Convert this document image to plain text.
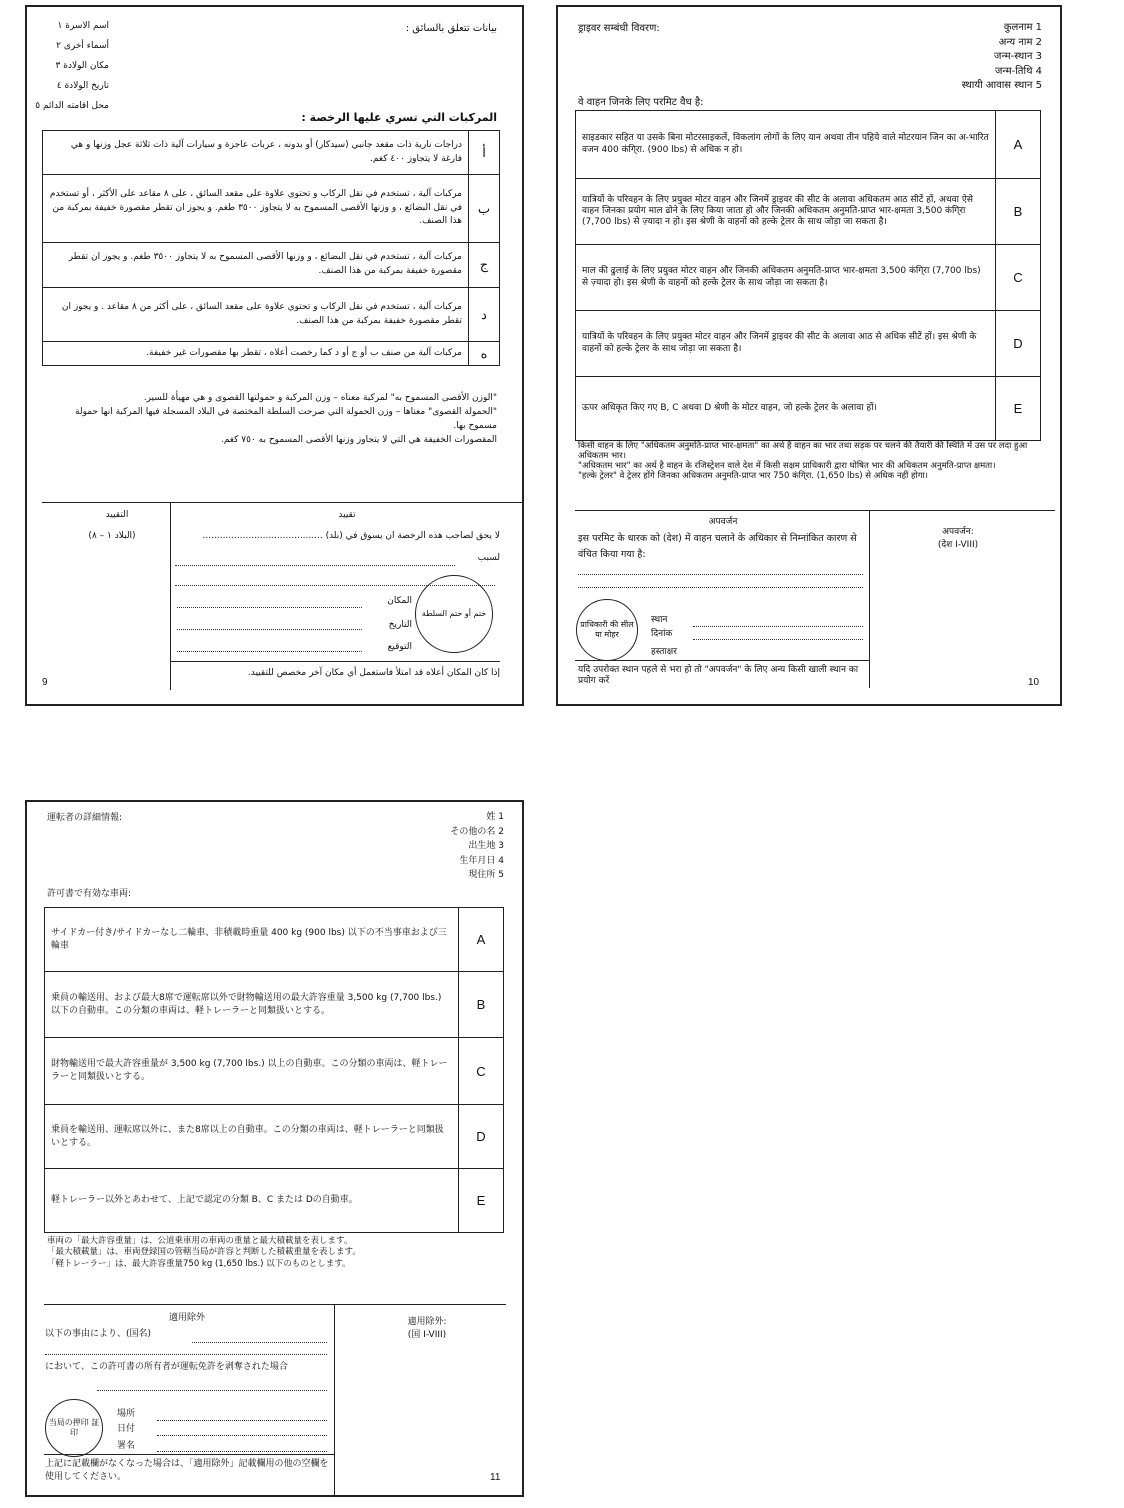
بيانات تتعلق بالسائق :
اسم الاسرة ١
أسماء أخرى ٢
مكان الولادة ٣
تاريخ الولادة ٤
محل اقامته الدائم ٥
المركبات التي تسري عليها الرخصة :
دراجات نارية ذات مقعد جانبي (سيدكار) أو بدونه ، عربات عاجزة و سيارات آلية ذات ثلاثة عجل وزنها و هي فارغة لا يتجاوز ٤٠٠ كغم.	أ
مركبات آلية ، تستخدم في نقل الركاب و تحتوي علاوة على مقعد السائق ، على ٨ مقاعد على الأكثر ، أو تستخدم في نقل البضائع ، و وزنها الأقصى المسموح به لا يتجاوز ٣٥٠٠ طغم. و يجوز ان تقطر مقصورة خفيفة بمركبة من هذا الصنف.	ب
مركبات آلية ، تستخدم في نقل البضائع ، و وزنها الأقصى المسموح به لا يتجاوز ٣٥٠٠ طغم. و يجوز ان تقطر مقصورة خفيفة بمركبة من هذا الصنف.	ج
مركبات آلية ، تستخدم في نقل الركاب و تحتوي علاوة على مقعد السائق ، على أكثر من ٨ مقاعد . و يجوز ان تقطر مقصورة خفيفة بمركبة من هذا الصنف.	د
مركبات آلية من صنف ب أو ج أو د كما رخصت أعلاه ، تقطر بها مقصورات غير خفيفة.	ه
"الوزن الأقصى المسموح به" لمركبة معناه – وزن المركبة و حمولتها القصوى و هي مهيأة للسير.
"الحمولة القصوى" معناها – وزن الحمولة التي صرحت السلطة المختصة في البلاد المسجلة فيها المركبة انها حمولة مسموح بها.
المقصورات الخفيفة هي التي لا يتجاوز وزنها الأقصى المسموح به ٧٥٠ كغم.
التقييد
(البلاد ١ – ٨)
تقييد
لا يحق لصاحب هذه الرخصة ان يسوق في (بلد) ..........................................
لسبب
ختم أو حتم السلطة
المكان
التاريخ
التوقيع
إذا كان المكان أعلاه قد امتلأ فاستعمل أي مكان آخر مخصص للتقييد.
9
ड्राइवर सम्बंधी विवरण:	कुलनाम 1
अन्य नाम 2
जन्म-स्थान 3
जन्म-तिथि 4
स्थायी आवास स्थान 5
वे वाहन जिनके लिए परमिट वैध है:
साइडकार सहित या उसके बिना मोटरसाइकलें, विकलांग लोगों के लिए यान अथवा तीन पहिये वाले मोटरयान जिन का अ-भारित वजन 400 कंगि्रा. (900 lbs) से अधिक न हो।	A
यात्रियों के परिवहन के लिए प्रयुक्त मोटर वाहन और जिनमें ड्राइवर की सीट के अलावा अधिकतम आठ सीटें हों, अथवा ऐसे वाहन जिनका प्रयोग माल ढोने के लिए किया जाता हो और जिनकी अधिकतम अनुमति-प्राप्त भार-क्षमता 3,500 कंगि्रा (7,700 lbs) से ज़्यादा न हो। इस श्रेणी के वाहनों को हल्के ट्रेलर के साथ जोड़ा जा सकता है।	B
माल की ढुलाई के लिए प्रयुक्त मोटर वाहन और जिनकी अधिकतम अनुमति-प्राप्त भार-क्षमता 3,500 कंगि्रा (7,700 lbs) से ज़्यादा हो। इस श्रेणी के वाहनों को हल्के ट्रेलर के साथ जोड़ा जा सकता है।	C
यात्रियों के परिवहन के लिए प्रयुक्त मोटर वाहन और जिनमें ड्राइवर की सीट के अलावा आठ से अधिक सीटें हों। इस श्रेणी के वाहनों को हल्के ट्रेलर के साथ जोड़ा जा सकता है।	D
ऊपर अधिकृत किए गए B, C अथवा D श्रेणी के मोटर वाहन, जो हल्के ट्रेलर के अलावा हों।	E
किसी वाहन के लिए "अधिकतम अनुमति-प्राप्त भार-क्षमता" का अर्थ है वाहन का भार तथा सड़क पर चलने की तैयारी की स्थिति में उस पर लदा हुआ अधिकतम भार।
"अधिकतम भार" का अर्थ है वाहन के रजिस्ट्रेशन वाले देश में किसी सक्षम प्राधिकारी द्वारा घोषित भार की अधिकतम अनुमति-प्राप्त क्षमता।
"हल्के ट्रेलर" वे ट्रेलर होंगे जिनका अधिकतम अनुमति-प्राप्त भार 750 कंगि्रा. (1,650 lbs) से अधिक नहीं होगा।
अपवर्जन
इस परमिट के धारक को (देश) में वाहन चलाने के अधिकार से निम्नांकित कारण से वंचित किया गया है:
अपवर्जन:
(देश I-VIII)
प्राधिकारी की सील या मोहर
स्थान
दिनांक
हस्ताक्षर
यदि उपरोक्त स्थान पहले से भरा हो तो "अपवर्जन" के लिए अन्य किसी खाली स्थान का प्रयोग करें	10
運転者の詳細情報:	姓 1
その他の名 2
出生地 3
生年月日 4
現住所 5
許可書で有効な車両:
サイドカー付き/サイドカーなし二輪車、非積載時重量 400 kg (900 lbs) 以下の不当事車および三輪車	A
乗員の輸送用、および最大8席で運転席以外で財物輸送用の最大許容重量 3,500 kg (7,700 lbs.) 以下の自動車。この分類の車両は、軽トレーラーと同類扱いとする。	B
財物輸送用で最大許容重量が 3,500 kg (7,700 lbs.) 以上の自動車。この分類の車両は、軽トレーラーと同類扱いとする。	C
乗員を輸送用、運転席以外に、また8席以上の自動車。この分類の車両は、軽トレーラーと同類扱いとする。	D
軽トレーラー以外とあわせて、上記で認定の分類 B、C または Dの自動車。	E
車両の「最大許容重量」は、公道乗車用の車両の重量と最大積載量を表します。
「最大積載量」は、車両登録国の管轄当局が許容と判断した積載重量を表します。
「軽トレーラー」は、最大許容重量750 kg (1,650 lbs.) 以下のものとします。
適用除外
以下の事由により、(国名)
において、この許可書の所有者が運転免許を剥奪された場合
適用除外:
(国 I-VIII)
当局の押印 証印
場所
日付
署名
上記に記載欄がなくなった場合は、「適用除外」記載欄用の他の空欄を使用してください。	11
